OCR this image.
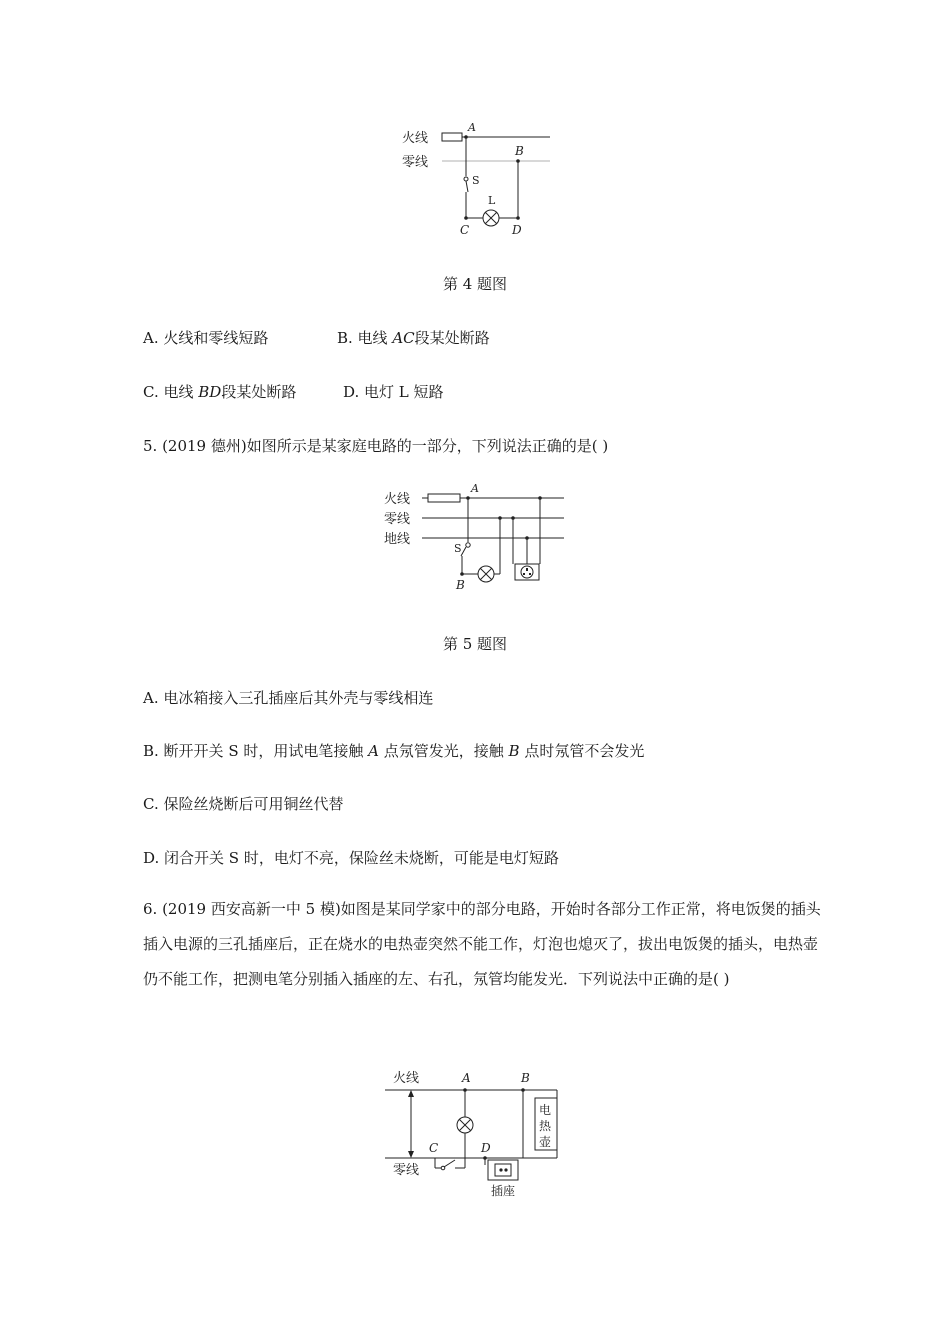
火线
零线
A
B
S
L
C	D
第 4 题图
A. 火线和零线短路	B. 电线 AC段某处断路
C. 电线 BD段某处断路	D. 电灯 L 短路
5. (2019 德州)如图所示是某家庭电路的一部分，下列说法正确的是( )
火线
零线
地线
A
S
B
第 5 题图
A. 电冰箱接入三孔插座后其外壳与零线相连
B. 断开开关 S 时，用试电笔接触 A 点氖管发光，接触 B 点时氖管不会发光
C. 保险丝烧断后可用铜丝代替
D. 闭合开关 S 时，电灯不亮，保险丝未烧断，可能是电灯短路
6. (2019 西安高新一中 5 模)如图是某同学家中的部分电路，开始时各部分工作正常，将电饭煲的插头插入电源的三孔插座后，正在烧水的电热壶突然不能工作，灯泡也熄灭了，拔出电饭煲的插头，电热壶仍不能工作，把测电笔分别插入插座的左、右孔，氖管均能发光．下列说法中正确的是( )
火线
零线
A	B
C	D
电
热
壶
插座
